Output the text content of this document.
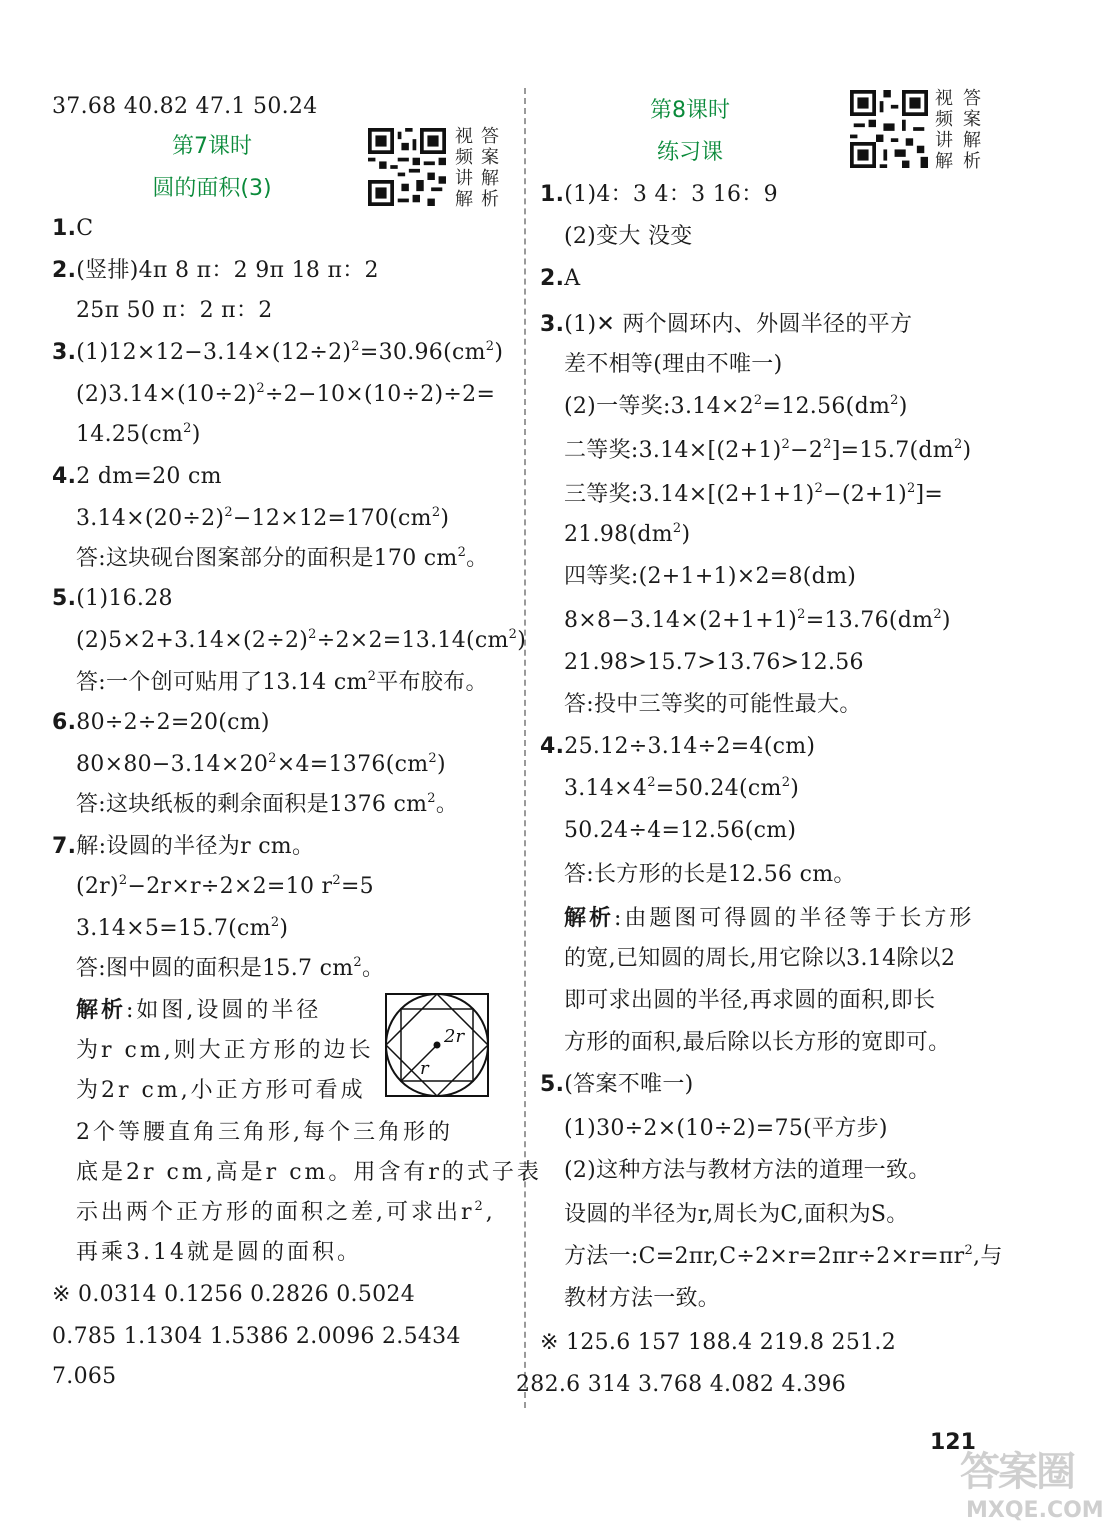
37.68 40.82 47.1 50.24
第7课时
圆的面积(3)
视
频
讲
解
答
案
解
析
1.C
2.(竖排)4π 8 π：2 9π 18 π：2
25π 50 π：2 π：2
$3.(1)12\times 12-3.14\times(12\div 2)^2=30.96(cm^2)$
$(2)3.14\times(10\div 2)^2\div 2-10\times(10\div 2)\div 2=$
$14.25(cm^2)$
4.2 dm=20 cm
$3.14\times(20\div 2)^2-12\times 12=170(cm^2)$
答:这块砚台图案部分的面积是170 $cm^2$。
5.(1)16.28
$(2)5\times 2+3.14\times(2\div 2)^2\div 2\times 2=13.14(cm^2)$
答:一个创可贴用了13.14 $cm^2$平布胶布。
6.80÷2÷2=20(cm)
$80\times 80-3.14\times 20^2\times 4=1376(cm^2)$
答:这块纸板的剩余面积是1376 $cm^2$。
7.解:设圆的半径为r cm。
$(2r)^2-2r\times r\div 2\times 2=10$ $r^2=5$
$3.14\times 5=15.7(cm^2)$
答:图中圆的面积是15.7 $cm^2$。
解析:如图,设圆的半径
为r cm,则大正方形的边长
为2r cm,小正方形可看成
2r
r
2个等腰直角三角形,每个三角形的
底是2r cm,高是r cm。用含有r的式子表
示出两个正方形的面积之差,可求出$r^2$,
再乘3.14就是圆的面积。
※ 0.0314 0.1256 0.2826 0.5024
0.785 1.1304 1.5386 2.0096 2.5434
7.065
第8课时
练习课
视
频
讲
解
答
案
解
析
1.(1)4：3 4：3 16：9
(2)变大 没变
2.A
3.(1)✕ 两个圆环内、外圆半径的平方
差不相等(理由不唯一)
(2)一等奖$:3.14\times 2^2=12.56(dm^2)$
二等奖$:3.14\times[(2+1)^2-2^2]=15.7(dm^2)$
三等奖$:3.14\times[(2+1+1)^2-(2+1)^2]=$
$21.98(dm^2)$
四等奖:(2+1+1)×2=8(dm)
$8\times 8-3.14\times(2+1+1)^2=13.76(dm^2)$
21.98>15.7>13.76>12.56
答:投中三等奖的可能性最大。
4.25.12÷3.14÷2=4(cm)
$3.14\times 4^2=50.24(cm^2)$
50.24÷4=12.56(cm)
答:长方形的长是12.56 cm。
解析:由题图可得圆的半径等于长方形
的宽,已知圆的周长,用它除以3.14除以2
即可求出圆的半径,再求圆的面积,即长
方形的面积,最后除以长方形的宽即可。
5.(答案不唯一)
(1)30÷2×(10÷2)=75(平方步)
(2)这种方法与教材方法的道理一致。
设圆的半径为r,周长为C,面积为S。
方法一$:C=2\pi r,C\div 2\times r=2\pi r\div 2\times r=\pi r^2$,与
教材方法一致。
※ 125.6 157 188.4 219.8 251.2
282.6 314 3.768 4.082 4.396
121
答案圈
MXQE.COM
